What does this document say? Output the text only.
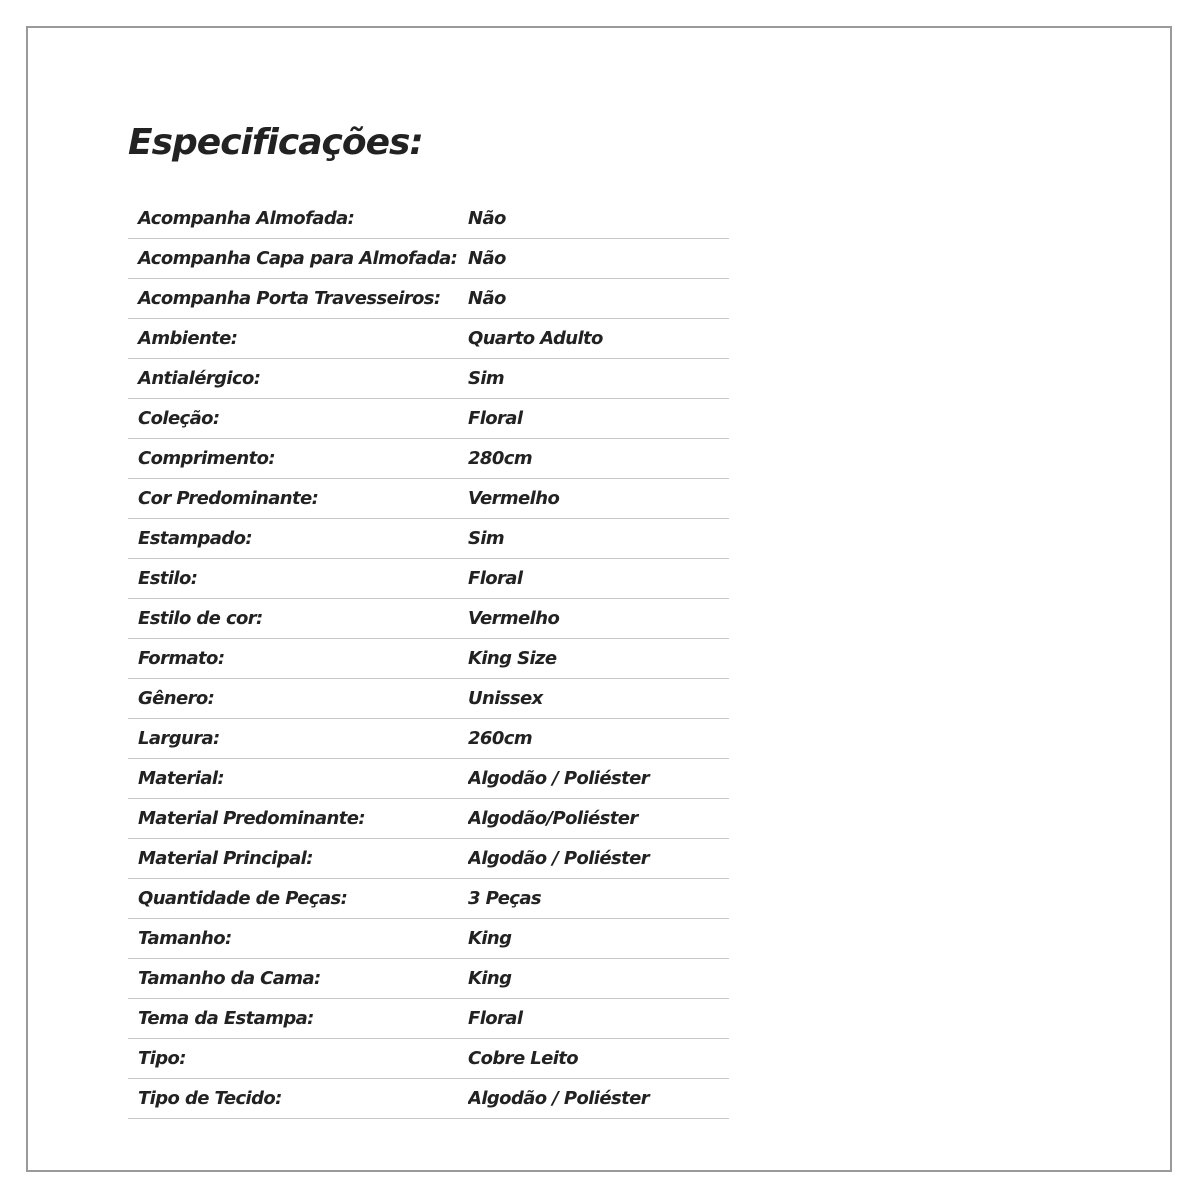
Especificações:
Acompanha Almofada:	Não
Acompanha Capa para Almofada: Não
Acompanha Porta Travesseiros:	Não
Ambiente:	Quarto Adulto
Antialérgico:	Sim
Coleção:	Floral
Comprimento:	280cm
Cor Predominante:	Vermelho
Estampado:	Sim
Estilo:	Floral
Estilo de cor:	Vermelho
Formato:	King Size
Gênero:	Unissex
Largura:	260cm
Material:	Algodão / Poliéster
Material Predominante:	Algodão/Poliéster
Material Principal:	Algodão / Poliéster
Quantidade de Peças:	3 Peças
Tamanho:	King
Tamanho da Cama:	King
Tema da Estampa:	Floral
Tipo:	Cobre Leito
Tipo de Tecido:	Algodão / Poliéster
